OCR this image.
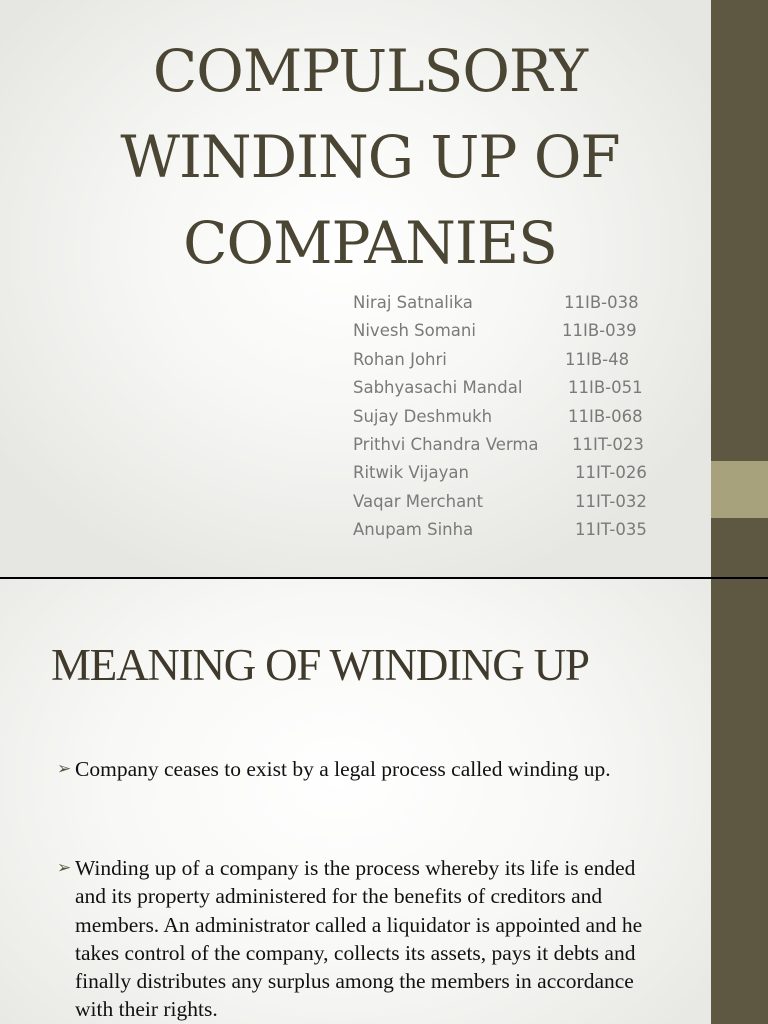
COMPULSORY
WINDING UP OF
COMPANIES
Niraj Satnalika	11IB-038
Nivesh Somani	11IB-039
Rohan Johri	11IB-48
Sabhyasachi Mandal	11IB-051
Sujay Deshmukh	11IB-068
Prithvi Chandra Verma 11IT-023
Ritwik Vijayan	11IT-026
Vaqar Merchant	11IT-032
Anupam Sinha	11IT-035
MEANING OF WINDING UP
➢ Company ceases to exist by a legal process called winding up.
➢ Winding up of a company is the process whereby its life is ended and its property administered for the benefits of creditors and members. An administrator called a liquidator is appointed and he takes control of the company, collects its assets, pays it debts and finally distributes any surplus among the members in accordance with their rights.
